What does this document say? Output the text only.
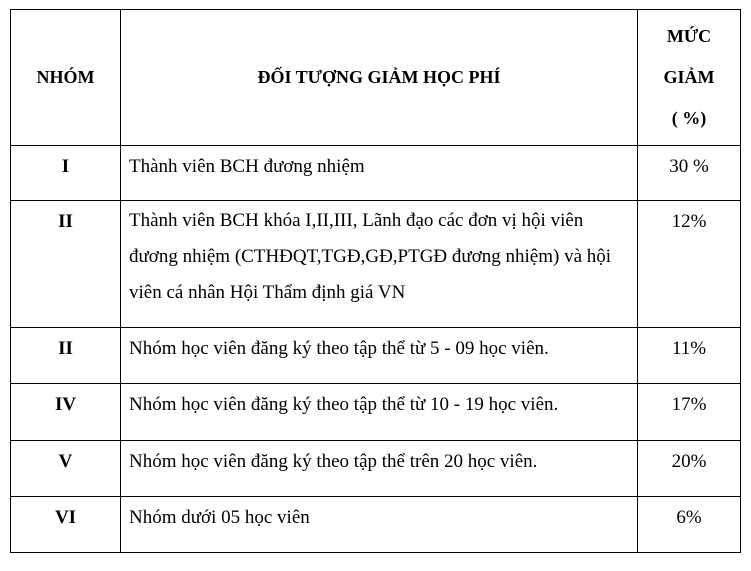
NHÓM	ĐỐI TƯỢNG GIẢM HỌC PHÍ	MỨC
GIẢM
( %)

I	Thành viên BCH đương nhiệm	30 %
II	Thành viên BCH khóa I,II,III, Lãnh đạo các đơn vị hội viên đương nhiệm (CTHĐQT,TGĐ,GĐ,PTGĐ đương nhiệm) và hội viên cá nhân Hội Thẩm định giá VN	12%
II	Nhóm học viên đăng ký theo tập thể từ 5 - 09 học viên.	11%
IV	Nhóm học viên đăng ký theo tập thể từ 10 - 19 học viên.	17%
V	Nhóm học viên đăng ký theo tập thể trên 20 học viên.	20%
VI	Nhóm dưới 05 học viên	6%
